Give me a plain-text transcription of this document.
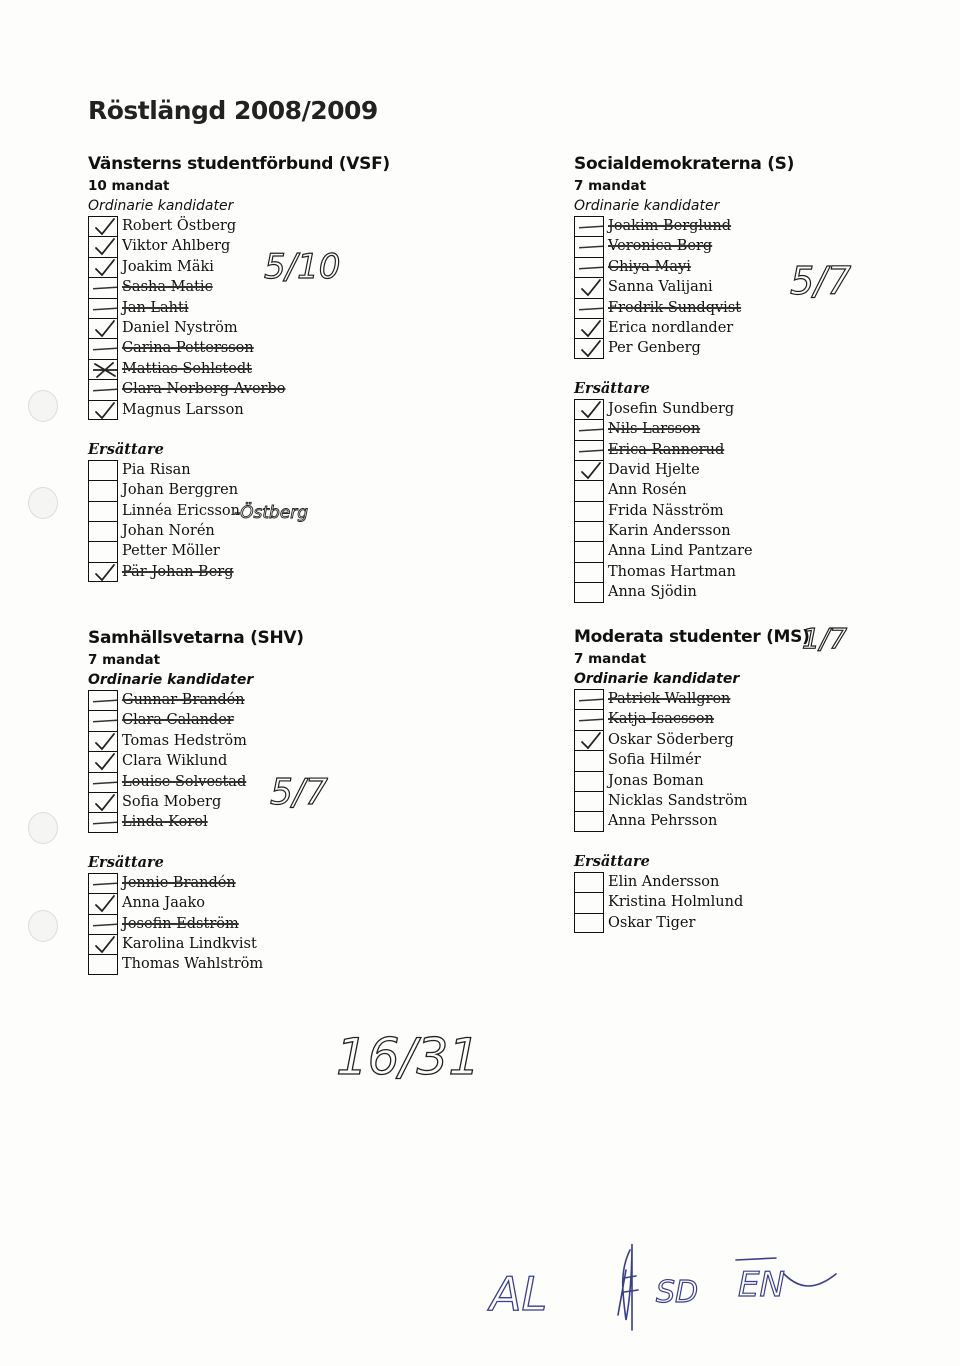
Röstlängd 2008/2009
Vänsterns studentförbund (VSF)
10 mandat
Ordinarie kandidater
Robert Östberg
Viktor Ahlberg
Joakim Mäki
Sasha Matic
Jan Lahti
Daniel Nyström
Carina Pettersson
Mattias Sehlstedt
Clara Norberg-Averbo
Magnus Larsson
Ersättare
Pia Risan
Johan Berggren
Linnéa Ericsson
Johan Norén
Petter Möller
Pär-Johan Berg
Samhällsvetarna (SHV)
7 mandat
Ordinarie kandidater
Gunnar Brandén
Clara Calander
Tomas Hedström
Clara Wiklund
Louise Solvestad
Sofia Moberg
Linda Korol
Ersättare
Jennie Brandén
Anna Jaako
Josefin Edström
Karolina Lindkvist
Thomas Wahlström
Socialdemokraterna (S)
7 mandat
Ordinarie kandidater
Joakim Berglund
Veronica Berg
Chiya Mayi
Sanna Valijani
Fredrik Sundqvist
Erica nordlander
Per Genberg
Ersättare
Josefin Sundberg
Nils Larsson
Erica Rannerud
David Hjelte
Ann Rosén
Frida Näsström
Karin Andersson
Anna Lind Pantzare
Thomas Hartman
Anna Sjödin
Moderata studenter (MS)
7 mandat
Ordinarie kandidater
Patrick Wallgren
Katja Isacsson
Oskar Söderberg
Sofia Hilmér
Jonas Boman
Nicklas Sandström
Anna Pehrsson
Ersättare
Elin Andersson
Kristina Holmlund
Oskar Tiger
5/10
5/7
5/7
1/7
16/31
AL	SD EN
-Östberg
